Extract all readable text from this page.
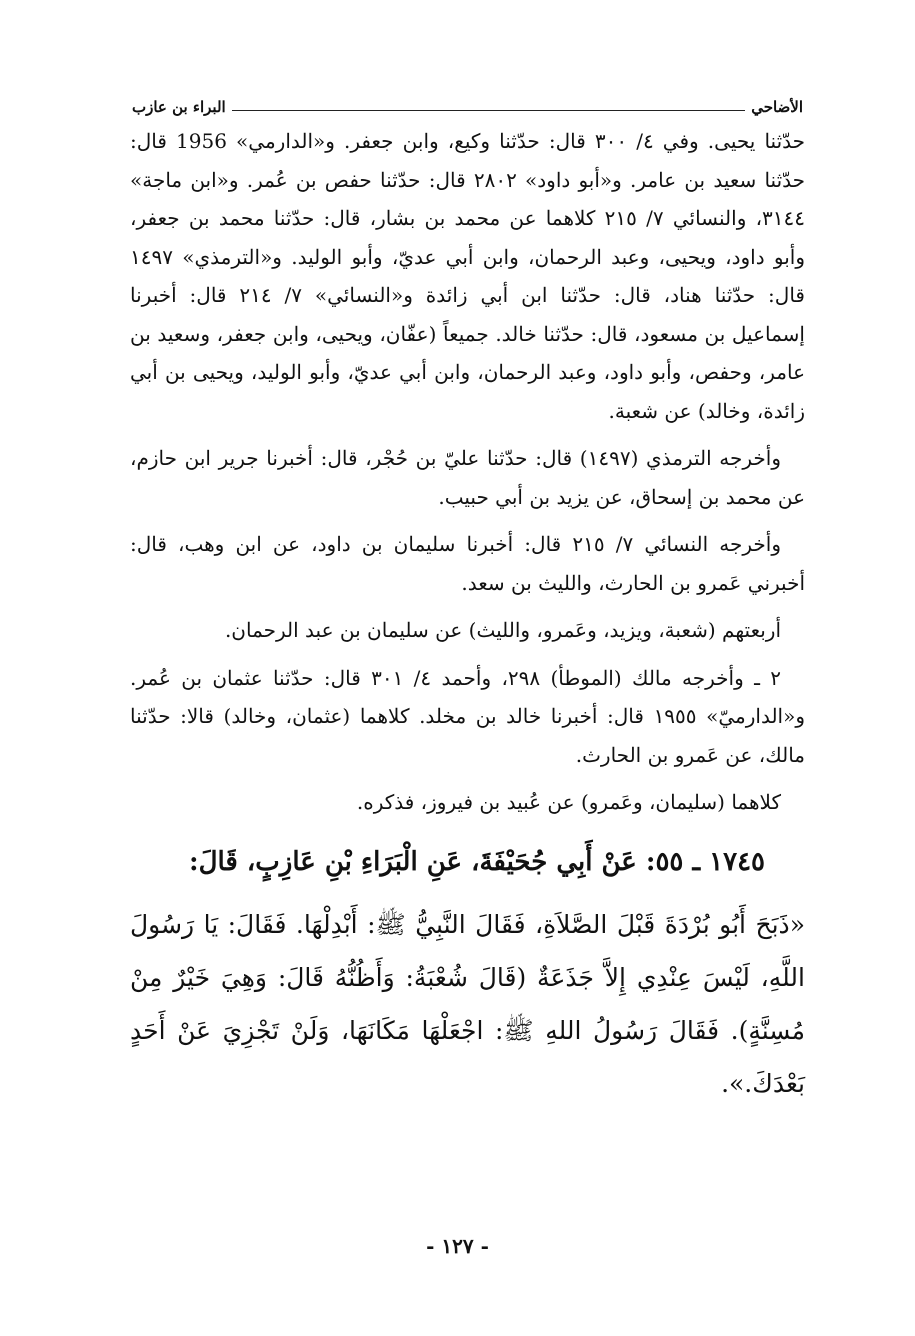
الأضاحي
البراء بن عازب

حدّثنا يحيى. وفي ٤/ ٣٠٠ قال: حدّثنا وكيع، وابن جعفر. و«الدارمي» 1956 قال: حدّثنا سعيد بن عامر. و«أبو داود» ٢٨٠٢ قال: حدّثنا حفص بن عُمر. و«ابن ماجة» ٣١٤٤، والنسائي ٧/ ٢١٥ كلاهما عن محمد بن بشار، قال: حدّثنا محمد بن جعفر، وأبو داود، ويحيى، وعبد الرحمان، وابن أبي عديّ، وأبو الوليد. و«الترمذي» ١٤٩٧ قال: حدّثنا هناد، قال: حدّثنا ابن أبي زائدة و«النسائي» ٧/ ٢١٤ قال: أخبرنا إسماعيل بن مسعود، قال: حدّثنا خالد. جميعاً (عفّان، ويحيى، وابن جعفر، وسعيد بن عامر، وحفص، وأبو داود، وعبد الرحمان، وابن أبي عديّ، وأبو الوليد، ويحيى بن أبي زائدة، وخالد) عن شعبة.

وأخرجه الترمذي (١٤٩٧) قال: حدّثنا عليّ بن حُجْر، قال: أخبرنا جرير ابن حازم، عن محمد بن إسحاق، عن يزيد بن أبي حبيب.

وأخرجه النسائي ٧/ ٢١٥ قال: أخبرنا سليمان بن داود، عن ابن وهب، قال: أخبرني عَمرو بن الحارث، والليث بن سعد.

أربعتهم (شعبة، ويزيد، وعَمرو، والليث) عن سليمان بن عبد الرحمان.

٢ ـ وأخرجه مالك (الموطأ) ٢٩٨، وأحمد ٤/ ٣٠١ قال: حدّثنا عثمان بن عُمر. و«الدارميّ» ١٩٥٥ قال: أخبرنا خالد بن مخلد. كلاهما (عثمان، وخالد) قالا: حدّثنا مالك، عن عَمرو بن الحارث.

كلاهما (سليمان، وعَمرو) عن عُبيد بن فيروز، فذكره.

١٧٤٥ ـ ٥٥: عَنْ أَبِي جُحَيْفَةَ، عَنِ الْبَرَاءِ بْنِ عَازِبٍ، قَالَ:

«ذَبَحَ أَبُو بُرْدَةَ قَبْلَ الصَّلاَةِ، فَقَالَ النَّبِيُّ ﷺ: أَبْدِلْهَا. فَقَالَ: يَا رَسُولَ اللَّهِ، لَيْسَ عِنْدِي إِلاَّ جَذَعَةٌ (قَالَ شُعْبَةُ: وَأَظُنُّهُ قَالَ: وَهِيَ خَيْرٌ مِنْ مُسِنَّةٍ). فَقَالَ رَسُولُ اللهِ ﷺ: اجْعَلْهَا مَكَانَهَا، وَلَنْ تَجْزِيَ عَنْ أَحَدٍ بَعْدَكَ.».

- ١٢٧ -
